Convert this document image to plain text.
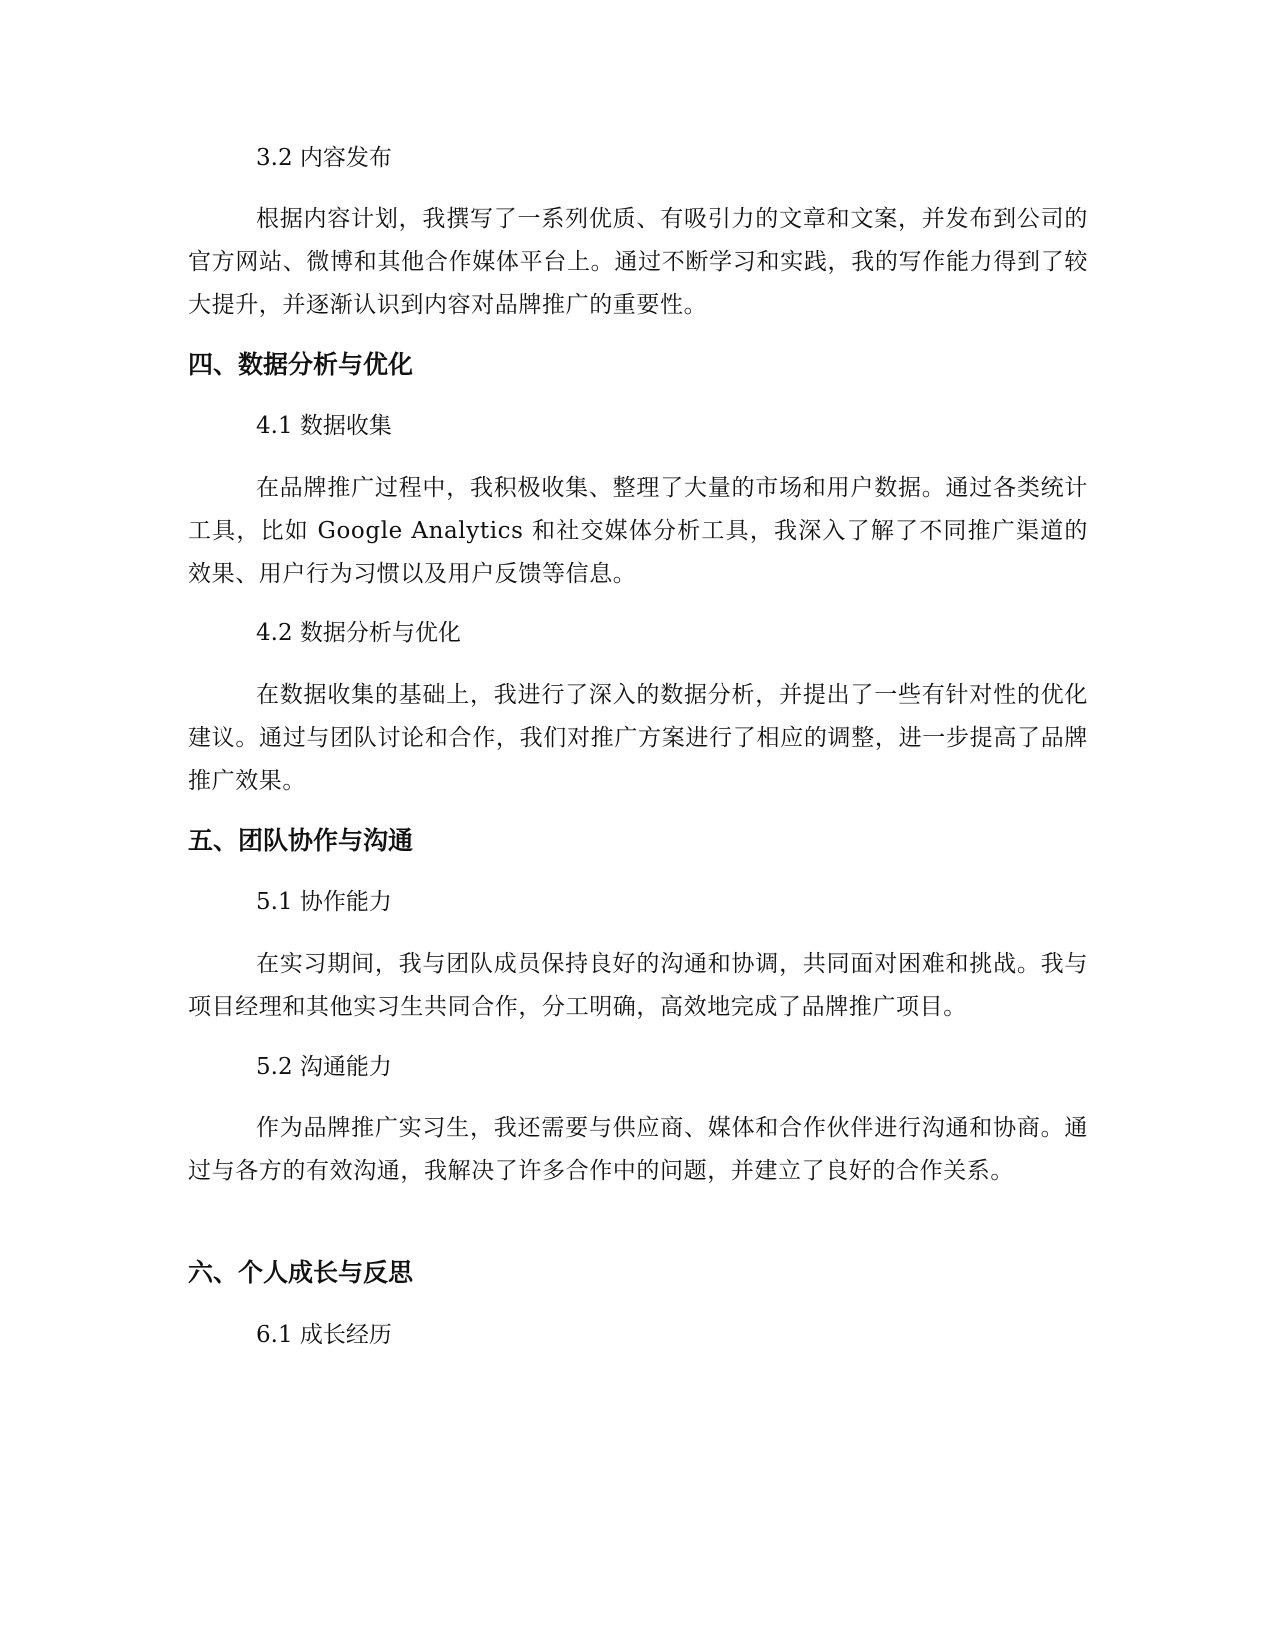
3.2 内容发布

根据内容计划，我撰写了一系列优质、有吸引力的文章和文案，并发布到公司的官方网站、微博和其他合作媒体平台上。通过不断学习和实践，我的写作能力得到了较大提升，并逐渐认识到内容对品牌推广的重要性。

四、数据分析与优化
4.1 数据收集

在品牌推广过程中，我积极收集、整理了大量的市场和用户数据。通过各类统计工具，比如 Google Analytics 和社交媒体分析工具，我深入了解了不同推广渠道的效果、用户行为习惯以及用户反馈等信息。

4.2 数据分析与优化

在数据收集的基础上，我进行了深入的数据分析，并提出了一些有针对性的优化建议。通过与团队讨论和合作，我们对推广方案进行了相应的调整，进一步提高了品牌推广效果。

五、团队协作与沟通
5.1 协作能力

在实习期间，我与团队成员保持良好的沟通和协调，共同面对困难和挑战。我与项目经理和其他实习生共同合作，分工明确，高效地完成了品牌推广项目。

5.2 沟通能力

作为品牌推广实习生，我还需要与供应商、媒体和合作伙伴进行沟通和协商。通过与各方的有效沟通，我解决了许多合作中的问题，并建立了良好的合作关系。

六、个人成长与反思
6.1 成长经历
